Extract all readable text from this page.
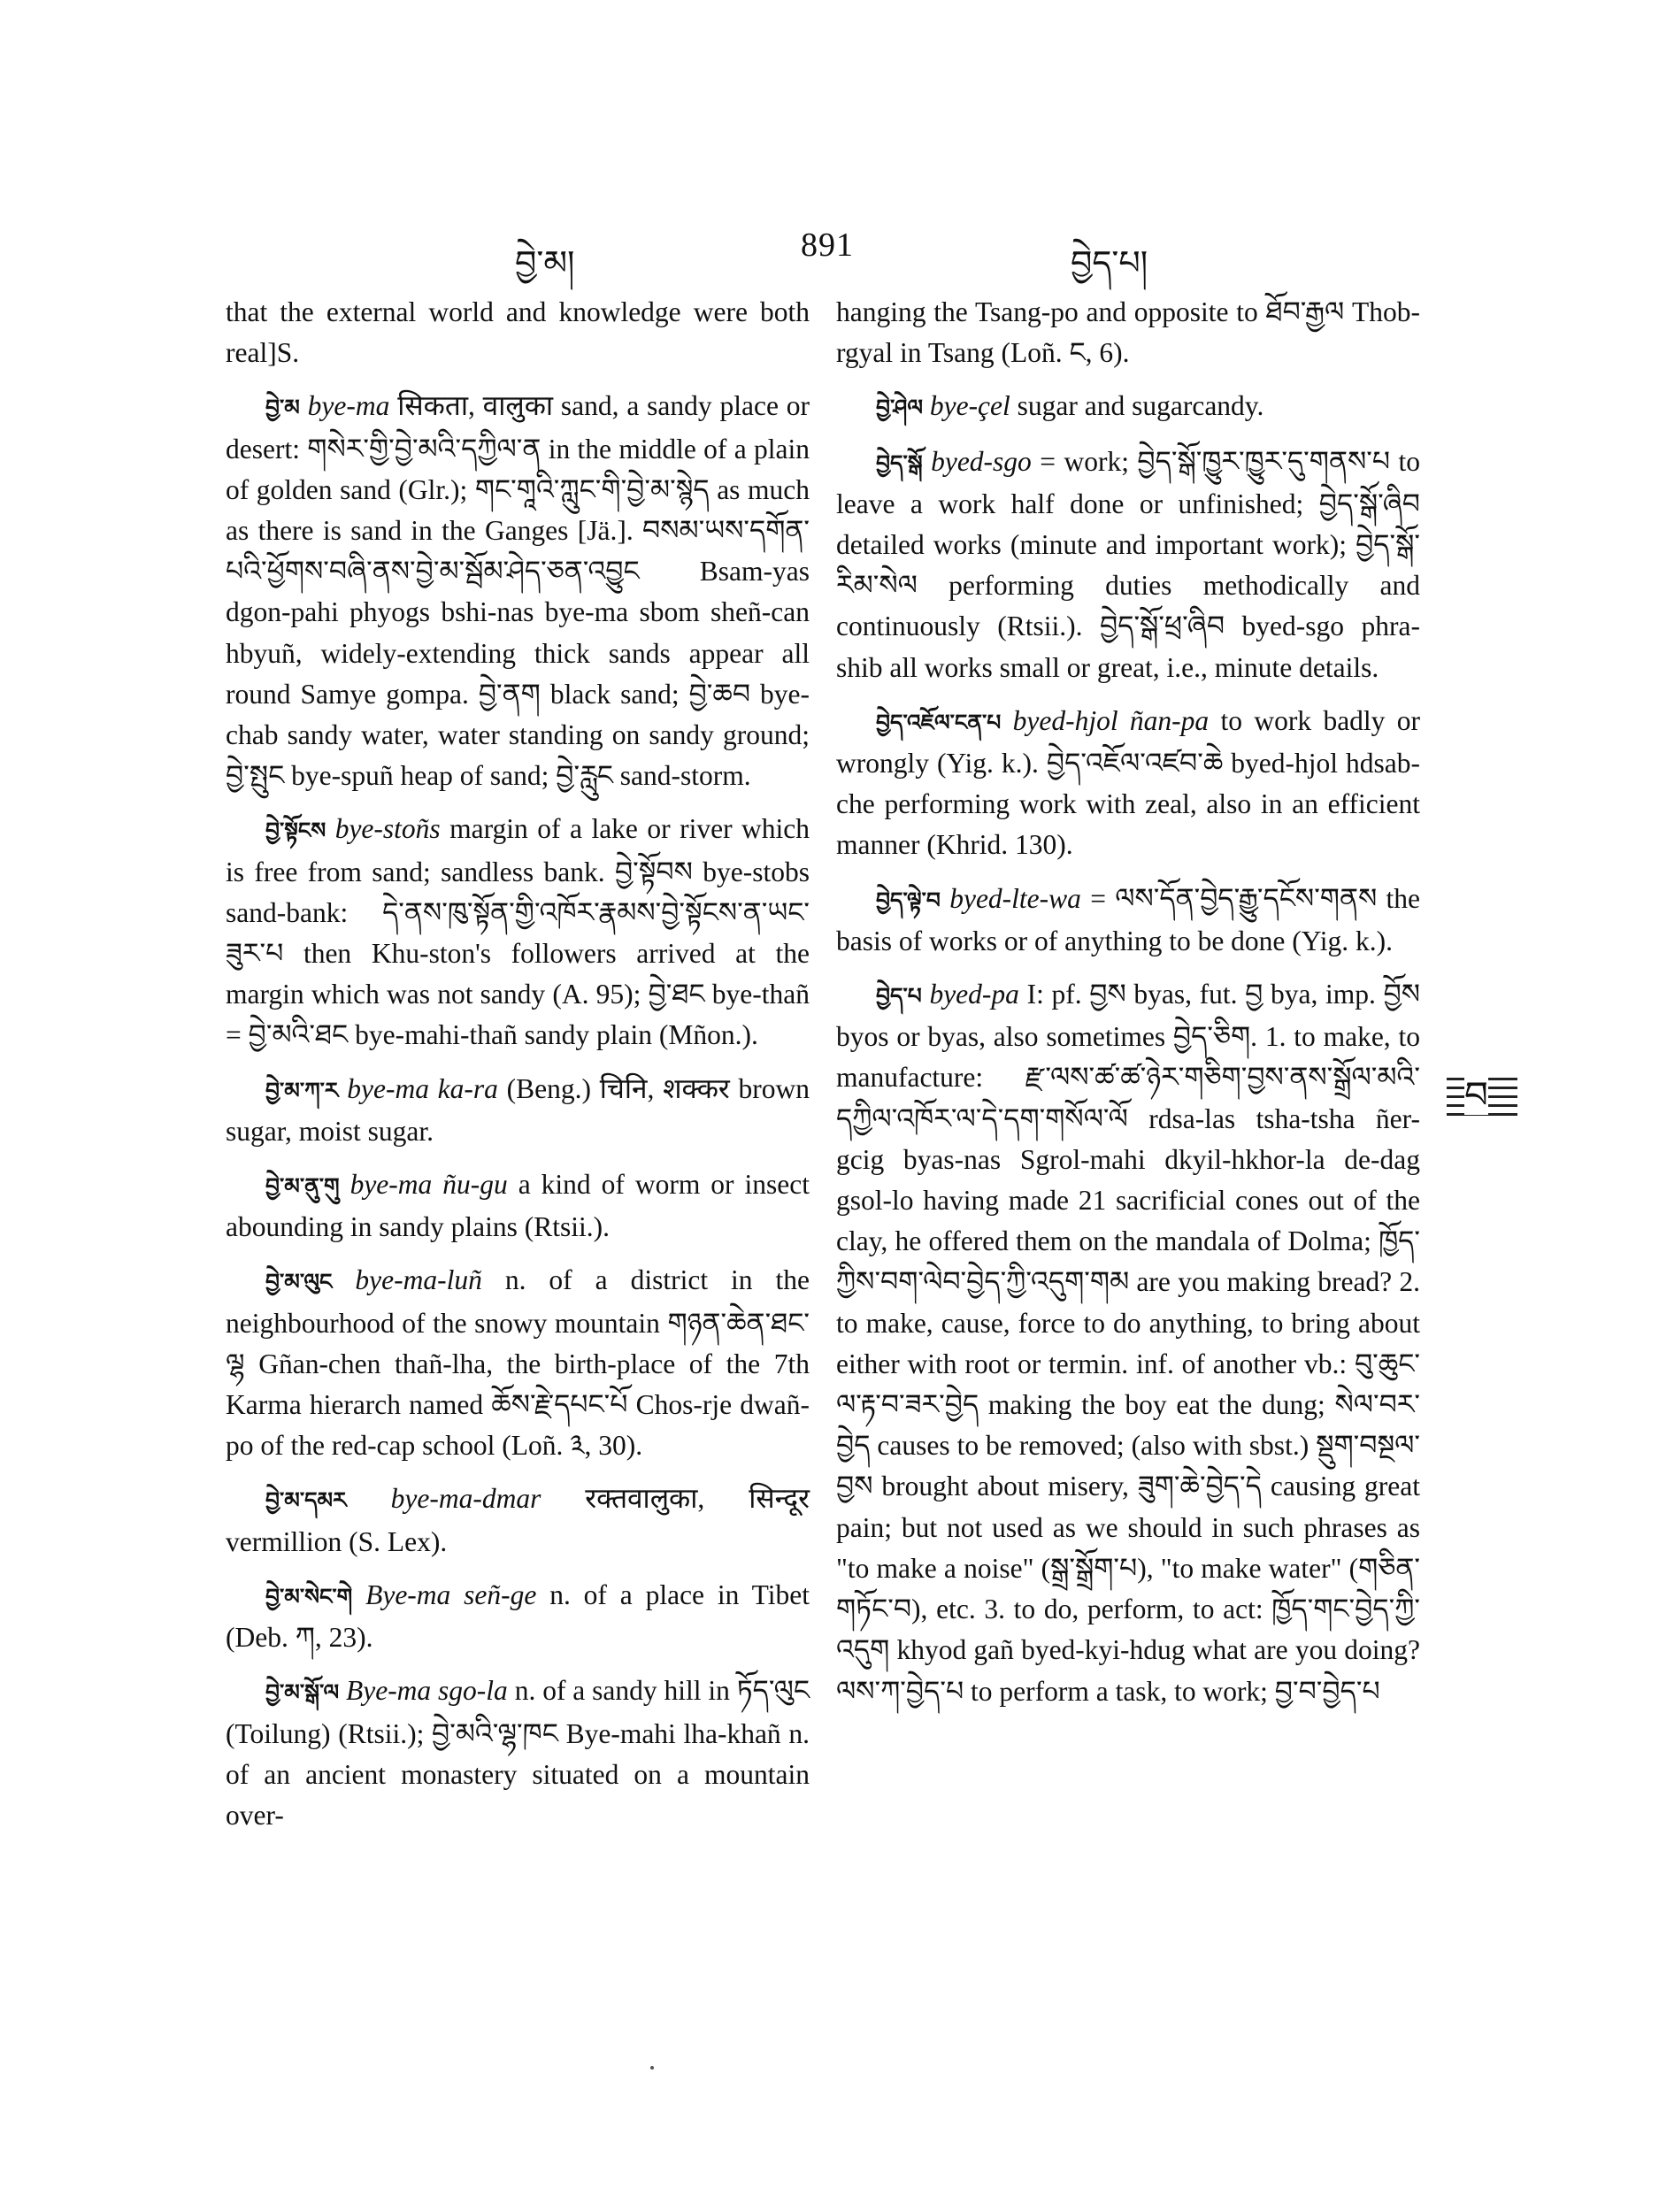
བྱེ་མ།	891	བྱེད་པ།

that the external world and knowledge were both real]S.

བྱེ་མ bye-ma सिकता, वालुका sand, a sandy place or desert: གསེར་གྱི་བྱེ་མའི་དཀྱིལ་ན in the middle of a plain of golden sand (Glr.); གང་གཱའི་ཀླུང་གི་བྱེ་མ་སྙེད as much as there is sand in the Ganges [Jä.]. བསམ་ཡས་དགོན་པའི་ཕྱོགས་བཞི་ནས་བྱེ་མ་སྦོམ་ཤེད་ཅན་འབྱུང Bsam-yas dgon-pahi phyogs bshi-nas bye-ma sbom sheñ-can hbyuñ, widely-extending thick sands appear all round Samye gompa. བྱེ་ནག black sand; བྱེ་ཆབ bye-chab sandy water, water standing on sandy ground; བྱེ་སྤུང bye-spuñ heap of sand; བྱེ་རླུང sand-storm.

བྱེ་སྟོངས bye-stoñs margin of a lake or river which is free from sand; sandless bank. བྱེ་སྟོབས bye-stobs sand-bank: དེ་ནས་ཁུ་སྟོན་གྱི་འཁོར་རྣམས་བྱེ་སྟོངས་ན་ཡང་ཟུར་པ then Khu-ston's followers arrived at the margin which was not sandy (A. 95); བྱེ་ཐང bye-thañ = བྱེ་མའི་ཐང bye-mahi-thañ sandy plain (Mñon.).

བྱེ་མ་ཀ་ར bye-ma ka-ra (Beng.) चिनि, शक्कर brown sugar, moist sugar.

བྱེ་མ་ནུ་གུ bye-ma ñu-gu a kind of worm or insect abounding in sandy plains (Rtsii.).

བྱེ་མ་ལུང bye-ma-luñ n. of a district in the neighbourhood of the snowy mountain གཉན་ཆེན་ཐང་ལྷ Gñan-chen thañ-lha, the birth-place of the 7th Karma hierarch named ཆོས་རྗེ་དཔང་པོ Chos-rje dwañ-po of the red-cap school (Loñ. ༣, 30).

བྱེ་མ་དམར bye-ma-dmar रक्तवालुका, सिन्दूर vermillion (S. Lex).

བྱེ་མ་སེང་གེ Bye-ma señ-ge n. of a place in Tibet (Deb. ཀ, 23).

བྱེ་མ་སྒོ་ལ Bye-ma sgo-la n. of a sandy hill in ཏོད་ལུང (Toilung) (Rtsii.); བྱེ་མའི་ལྷ་ཁང Bye-mahi lha-khañ n. of an ancient monastery situated on a mountain over-

hanging the Tsang-po and opposite to ཐོབ་རྒྱལ Thob-rgyal in Tsang (Loñ. ང, 6).

བྱེ་ཤེལ bye-çel sugar and sugarcandy.

བྱེད་སྒོ byed-sgo = work; བྱེད་སྒོ་ཁྱུར་ཁྱུར་དུ་གནས་པ to leave a work half done or unfinished; བྱེད་སྒོ་ཞིབ detailed works (minute and important work); བྱེད་སྒོ་རིམ་སེལ performing duties methodically and continuously (Rtsii.). བྱེད་སྒོ་ཕྲ་ཞིབ byed-sgo phra-shib all works small or great, i.e., minute details.

བྱེད་འཇོལ་ངན་པ byed-hjol ñan-pa to work badly or wrongly (Yig. k.). བྱེད་འཇོལ་འཛབ་ཆེ byed-hjol hdsab-che performing work with zeal, also in an efficient manner (Khrid. 130).

བྱེད་ལྟེ་བ byed-lte-wa = ལས་དོན་བྱེད་རྒྱུ་དངོས་གནས the basis of works or of anything to be done (Yig. k.).

བྱེད་པ byed-pa I: pf. བྱས byas, fut. བྱ bya, imp. བྱོས byos or byas, also sometimes བྱེད་ཅིག. 1. to make, to manufacture: རྫ་ལས་ཚ་ཚ་ཉེར་གཅིག་བྱས་ནས་སྒྲོལ་མའི་དཀྱིལ་འཁོར་ལ་དེ་དག་གསོལ་ལོ rdsa-las tsha-tsha ñer-gcig byas-nas Sgrol-mahi dkyil-hkhor-la de-dag gsol-lo having made 21 sacrificial cones out of the clay, he offered them on the mandala of Dolma; ཁྱོད་ཀྱིས་བག་ལེབ་བྱེད་ཀྱི་འདུག་གམ are you making bread? 2. to make, cause, force to do anything, to bring about either with root or termin. inf. of another vb.: བུ་ཆུང་ལ་རྟ་བ་ཟར་བྱེད making the boy eat the dung; སེལ་བར་བྱེད causes to be removed; (also with sbst.) སྡུག་བསྔལ་བྱས brought about misery, ཟུག་ཆེ་བྱེད་དེ causing great pain; but not used as we should in such phrases as "to make a noise" (སྒྲ་སྒྲོག་པ), "to make water" (གཅིན་གཏོང་བ), etc. 3. to do, perform, to act: ཁྱོད་གང་བྱེད་ཀྱི་འདུག khyod gañ byed-kyi-hdug what are you doing? ལས་ཀ་བྱེད་པ to perform a task, to work; བྱ་བ་བྱེད་པ

བ
